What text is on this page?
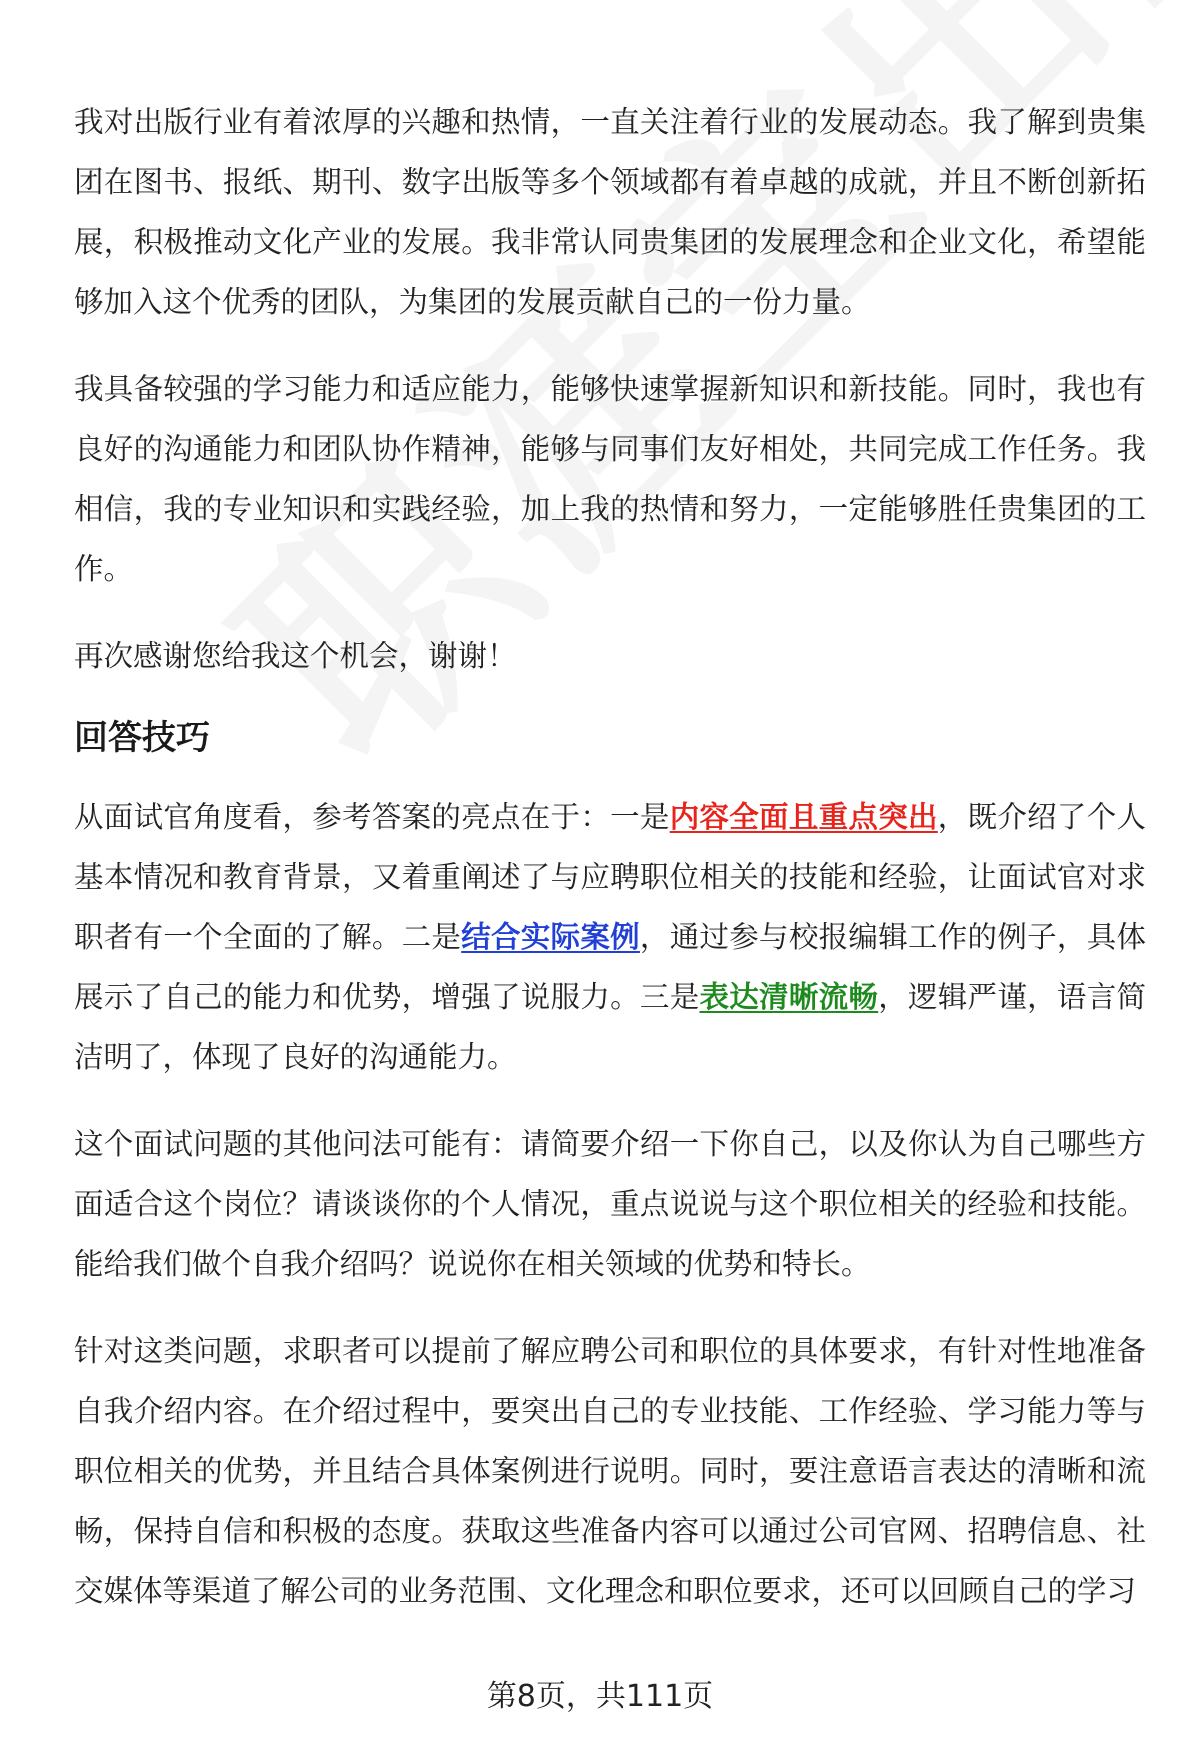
我对出版行业有着浓厚的兴趣和热情，一直关注着行业的发展动态。我了解到贵集团在图书、报纸、期刊、数字出版等多个领域都有着卓越的成就，并且不断创新拓展，积极推动文化产业的发展。我非常认同贵集团的发展理念和企业文化，希望能够加入这个优秀的团队，为集团的发展贡献自己的一份力量。

我具备较强的学习能力和适应能力，能够快速掌握新知识和新技能。同时，我也有良好的沟通能力和团队协作精神，能够与同事们友好相处，共同完成工作任务。我相信，我的专业知识和实践经验，加上我的热情和努力，一定能够胜任贵集团的工作。

再次感谢您给我这个机会，谢谢！

回答技巧

从面试官角度看，参考答案的亮点在于：一是内容全面且重点突出，既介绍了个人基本情况和教育背景，又着重阐述了与应聘职位相关的技能和经验，让面试官对求职者有一个全面的了解。二是结合实际案例，通过参与校报编辑工作的例子，具体展示了自己的能力和优势，增强了说服力。三是表达清晰流畅，逻辑严谨，语言简洁明了，体现了良好的沟通能力。

这个面试问题的其他问法可能有：请简要介绍一下你自己，以及你认为自己哪些方面适合这个岗位？请谈谈你的个人情况，重点说说与这个职位相关的经验和技能。能给我们做个自我介绍吗？说说你在相关领域的优势和特长。

针对这类问题，求职者可以提前了解应聘公司和职位的具体要求，有针对性地准备自我介绍内容。在介绍过程中，要突出自己的专业技能、工作经验、学习能力等与职位相关的优势，并且结合具体案例进行说明。同时，要注意语言表达的清晰和流畅，保持自信和积极的态度。获取这些准备内容可以通过公司官网、招聘信息、社交媒体等渠道了解公司的业务范围、文化理念和职位要求，还可以回顾自己的学习

第8页，共111页
